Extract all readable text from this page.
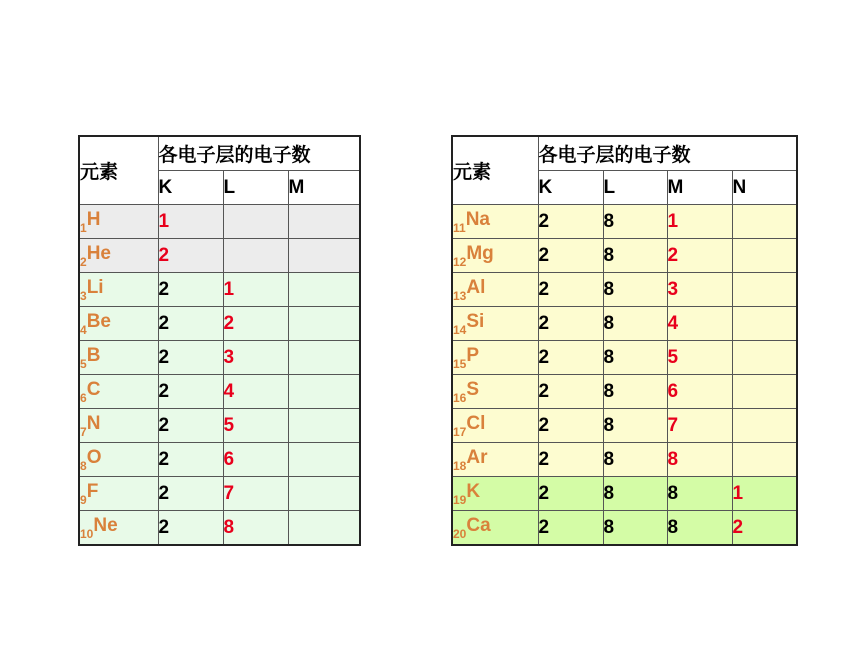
元素	各电子层的电子数		
	K	L	M
$_1$H	1		
$_2$He	2		
$_3$Li	2	1	
$_4$Be	2	2	
$_5$B	2	3	
$_6$C	2	4	
$_7$N	2	5	
$_8$O	2	6	
$_9$F	2	7	
$_{10}$Ne	2	8	
元素	各电子层的电子数			
	K	L	M	N
$_{11}$Na	2	8	1	
$_{12}$Mg	2	8	2	
$_{13}$Al	2	8	3	
$_{14}$Si	2	8	4	
$_{15}$P	2	8	5	
$_{16}$S	2	8	6	
$_{17}$Cl	2	8	7	
$_{18}$Ar	2	8	8	
$_{19}$K	2	8	8	1
$_{20}$Ca	2	8	8	2
